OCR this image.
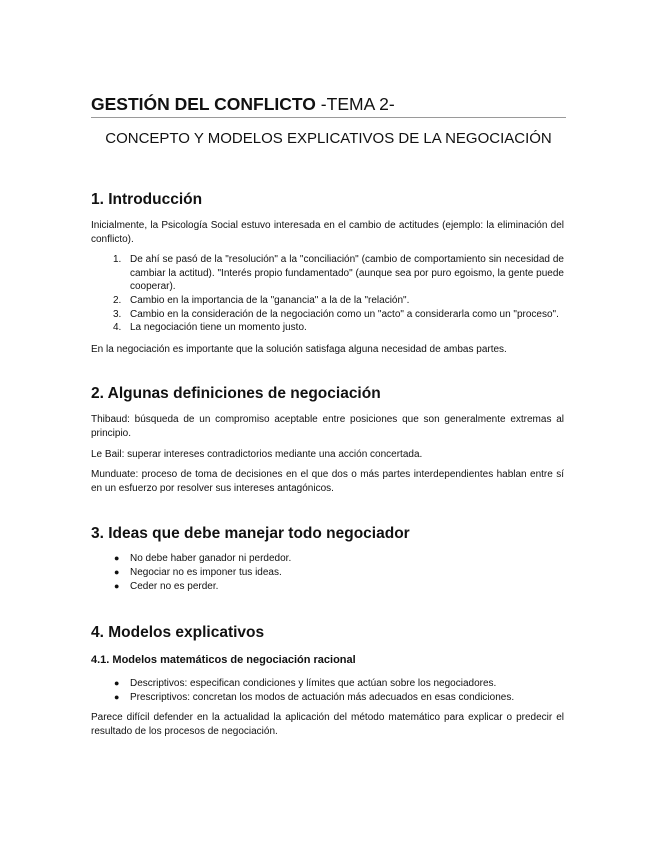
GESTIÓN DEL CONFLICTO -TEMA 2-
CONCEPTO Y MODELOS EXPLICATIVOS DE LA NEGOCIACIÓN
1. Introducción

Inicialmente, la Psicología Social estuvo interesada en el cambio de actitudes (ejemplo: la eliminación del conflicto).

1. De ahí se pasó de la "resolución" a la "conciliación" (cambio de comportamiento sin necesidad de cambiar la actitud). "Interés propio fundamentado" (aunque sea por puro egoismo, la gente puede cooperar).
2. Cambio en la importancia de la "ganancia" a la de la "relación".
3. Cambio en la consideración de la negociación como un "acto" a considerarla como un "proceso".
4. La negociación tiene un momento justo.

En la negociación es importante que la solución satisfaga alguna necesidad de ambas partes.

2. Algunas definiciones de negociación

Thibaud: búsqueda de un compromiso aceptable entre posiciones que son generalmente extremas al principio.

Le Bail: superar intereses contradictorios mediante una acción concertada.

Munduate: proceso de toma de decisiones en el que dos o más partes interdependientes hablan entre sí en un esfuerzo por resolver sus intereses antagónicos.

3. Ideas que debe manejar todo negociador
● No debe haber ganador ni perdedor.
● Negociar no es imponer tus ideas.
● Ceder no es perder.
4. Modelos explicativos
4.1. Modelos matemáticos de negociación racional
● Descriptivos: especifican condiciones y límites que actúan sobre los negociadores.
● Prescriptivos: concretan los modos de actuación más adecuados en esas condiciones.

Parece difícil defender en la actualidad la aplicación del método matemático para explicar o predecir el resultado de los procesos de negociación.
